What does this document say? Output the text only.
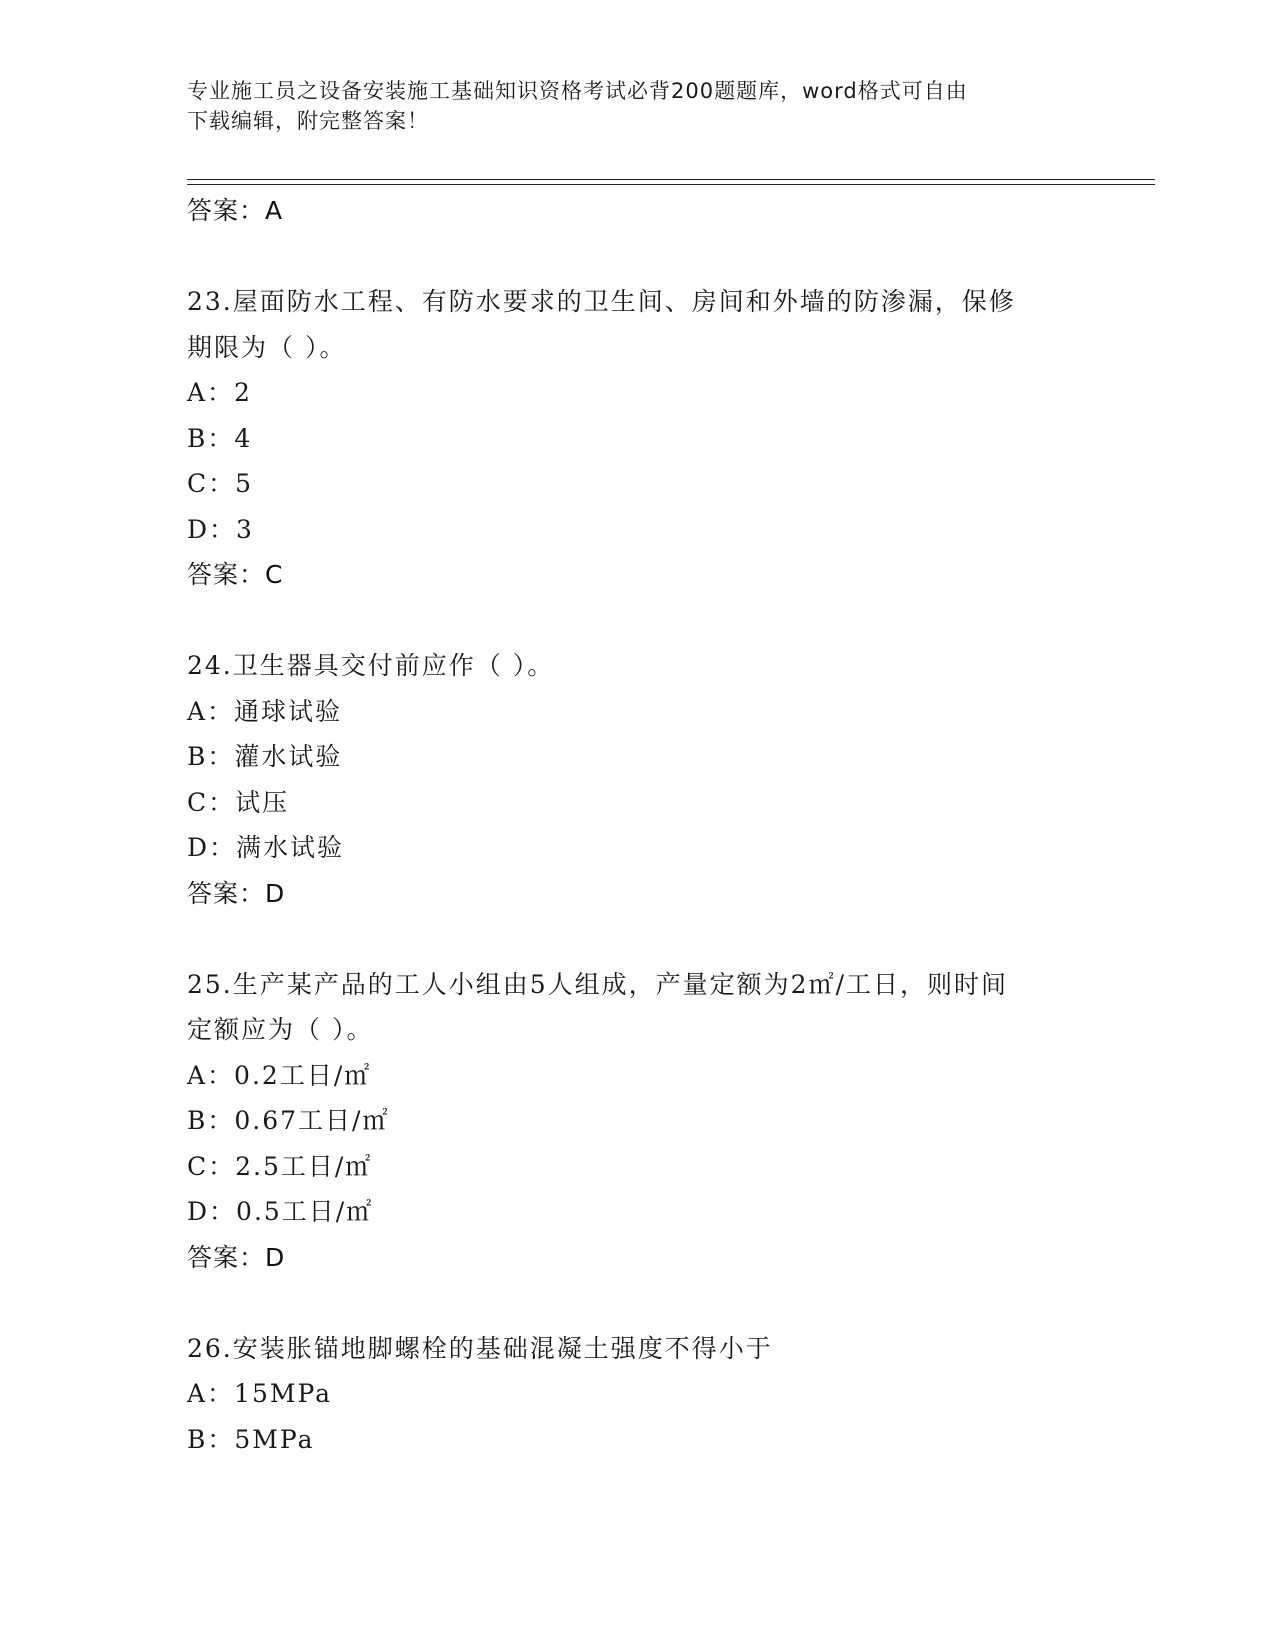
专业施工员之设备安装施工基础知识资格考试必背200题题库，word格式可自由
下载编辑，附完整答案！
答案：A
23.屋面防水工程、有防水要求的卫生间、房间和外墙的防渗漏，保修
期限为（ ）。
A：2
B：4
C：5
D：3
答案：C
24.卫生器具交付前应作（ ）。
A：通球试验
B：灌水试验
C：试压
D：满水试验
答案：D
25.生产某产品的工人小组由5人组成，产量定额为2㎡/工日，则时间
定额应为（ ）。
A：0.2工日/㎡
B：0.67工日/㎡
C：2.5工日/㎡
D：0.5工日/㎡
答案：D
26.安装胀锚地脚螺栓的基础混凝土强度不得小于
A：15MPa
B：5MPa
